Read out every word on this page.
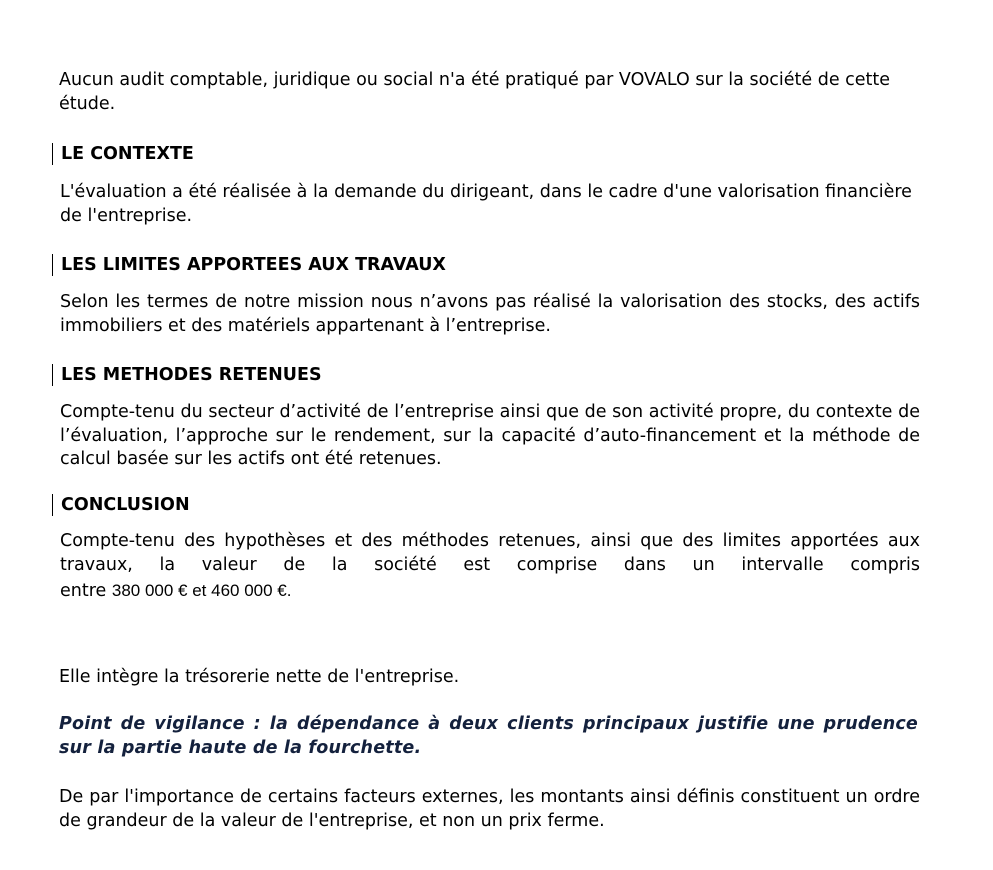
Aucun audit comptable, juridique ou social n'a été pratiqué par VOVALO sur la société de cette étude.

LE CONTEXTE

L'évaluation a été réalisée à la demande du dirigeant, dans le cadre d'une valorisation financière de l'entreprise.

LES LIMITES APPORTEES AUX TRAVAUX

Selon les termes de notre mission nous n’avons pas réalisé la valorisation des stocks, des actifs immobiliers et des matériels appartenant à l’entreprise.

LES METHODES RETENUES

Compte-tenu du secteur d’activité de l’entreprise ainsi que de son activité propre, du contexte de l’évaluation, l’approche sur le rendement, sur la capacité d’auto-financement et la méthode de calcul basée sur les actifs ont été retenues.

CONCLUSION

Compte-tenu des hypothèses et des méthodes retenues, ainsi que des limites apportées aux travaux, la valeur de la société est comprise dans un intervalle compris

entre 380 000 € et 460 000 €.

Elle intègre la trésorerie nette de l'entreprise.

Point de vigilance : la dépendance à deux clients principaux justifie une prudence sur la partie haute de la fourchette.

De par l'importance de certains facteurs externes, les montants ainsi définis constituent un ordre de grandeur de la valeur de l'entreprise, et non un prix ferme.
